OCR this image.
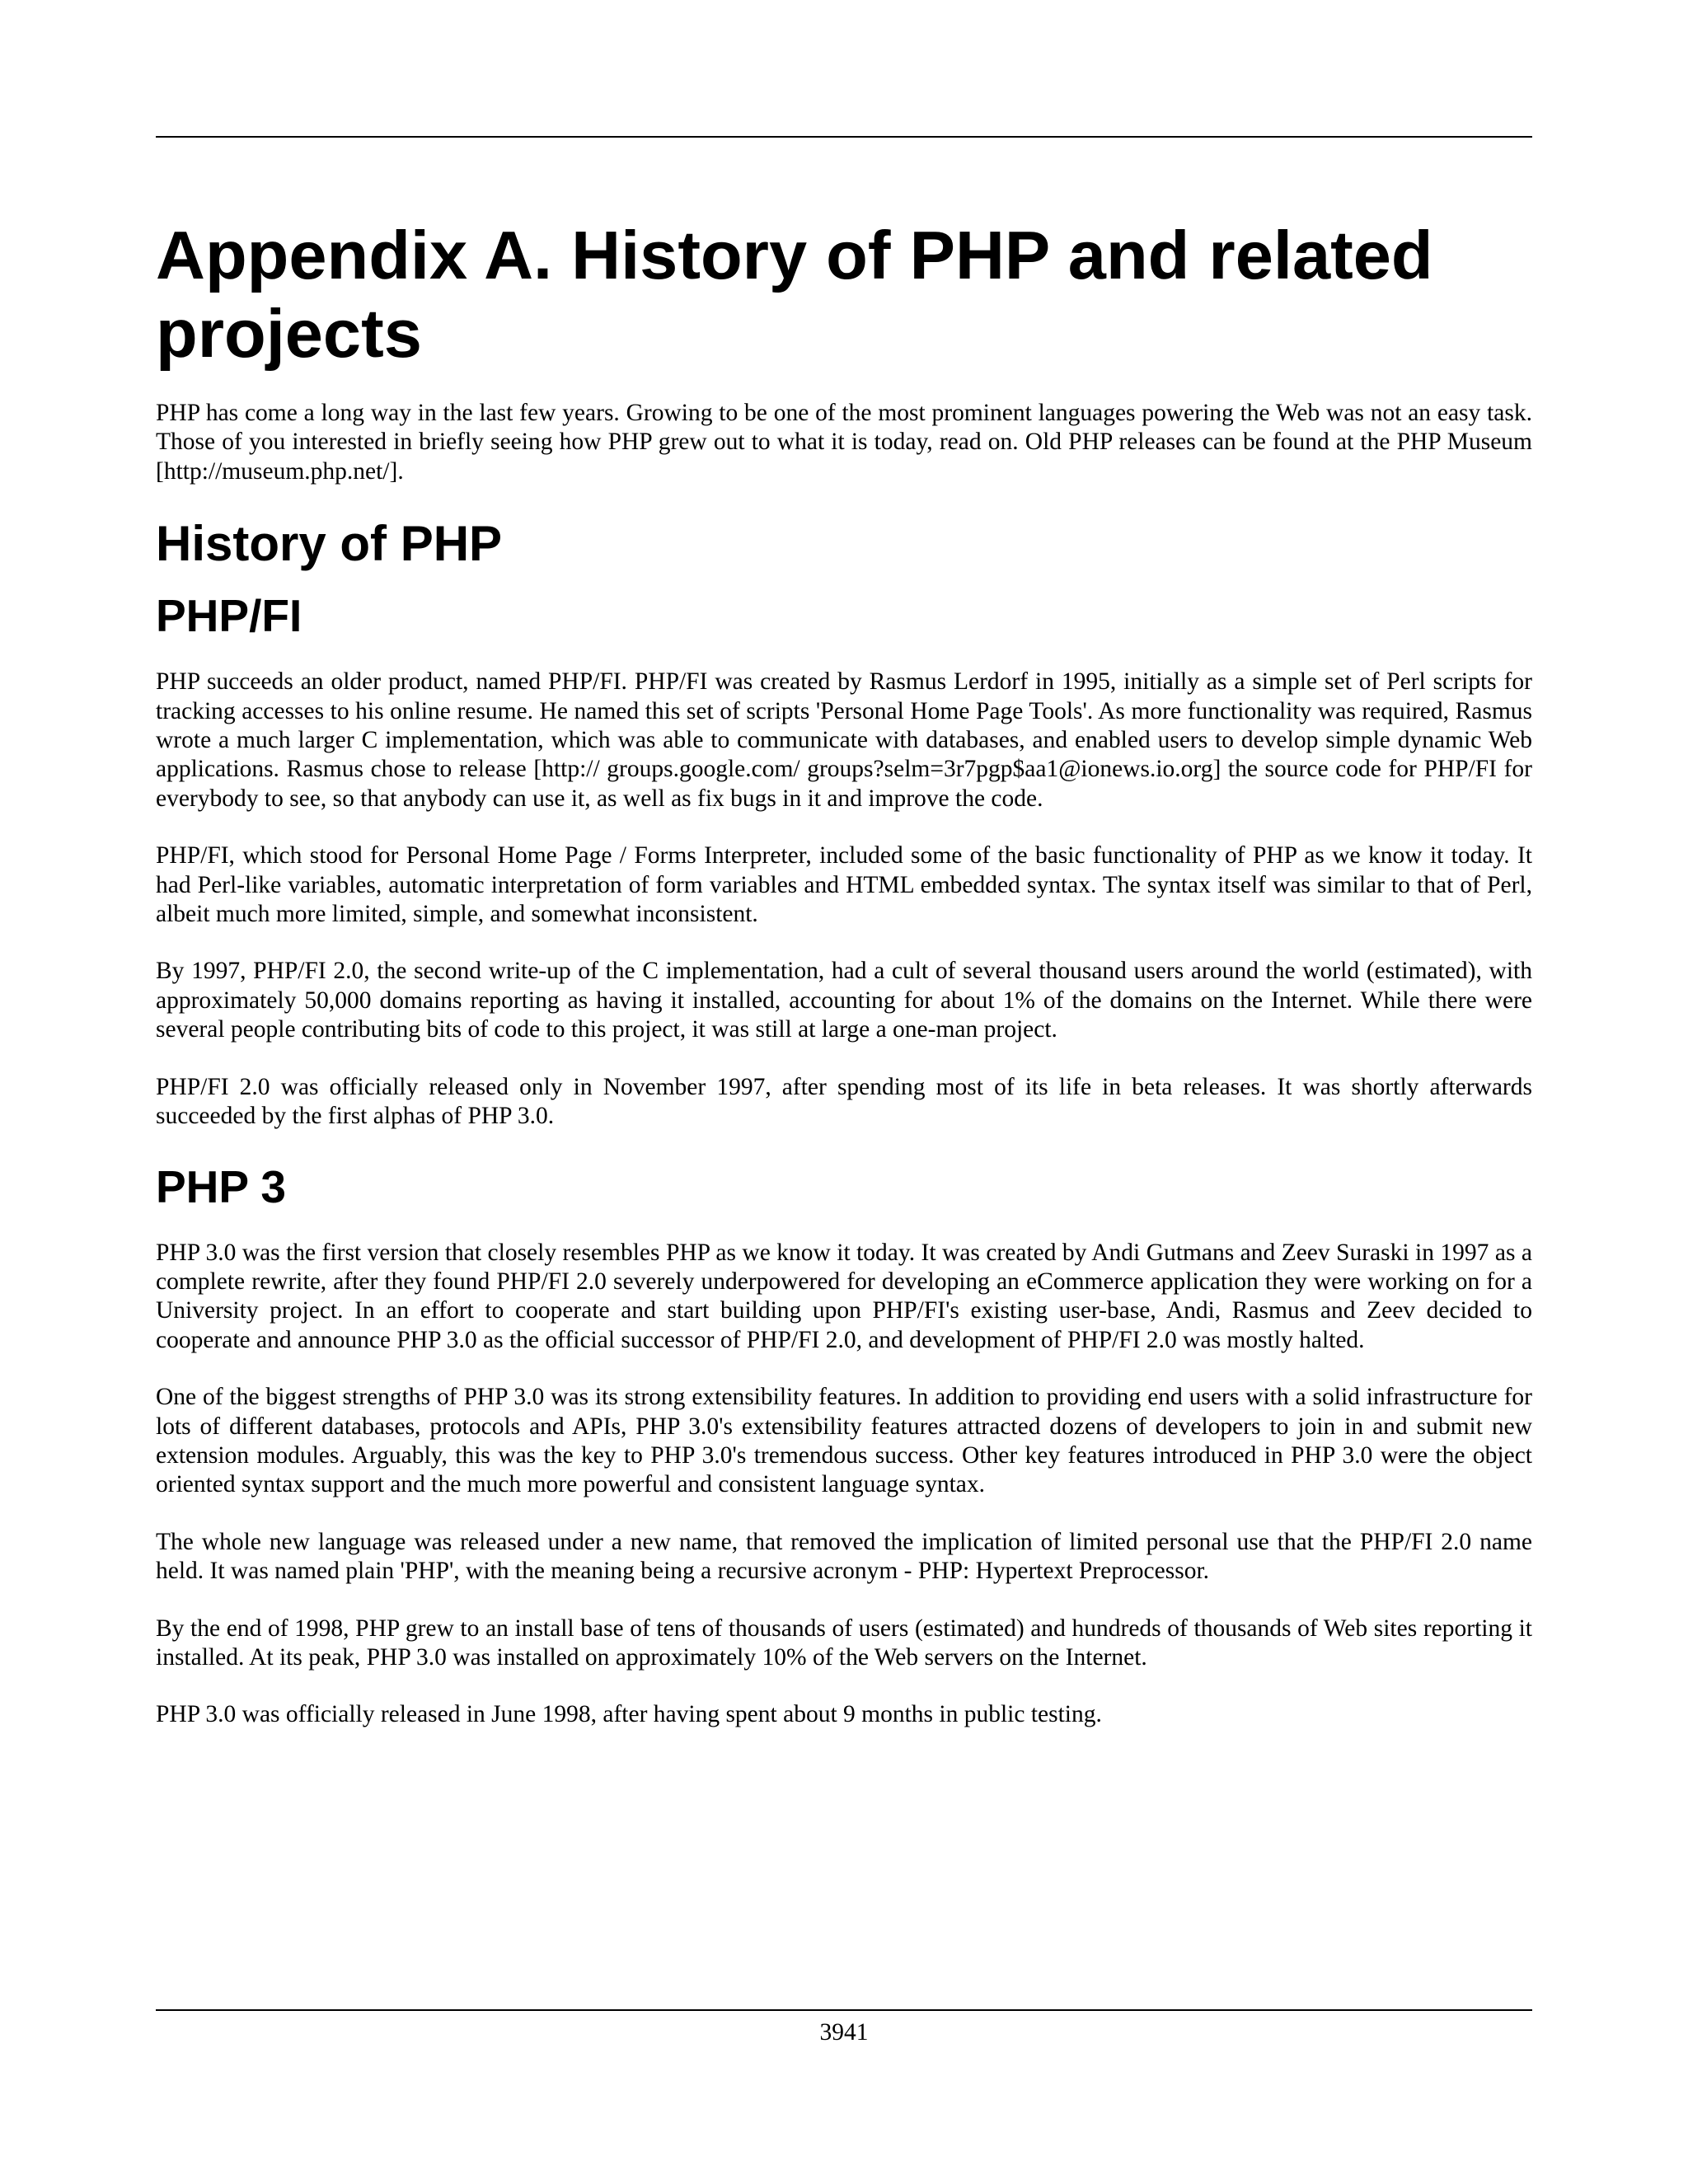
Appendix A. History of PHP and related projects

PHP has come a long way in the last few years. Growing to be one of the most prominent languages powering the Web was not an easy task. Those of you interested in briefly seeing how PHP grew out to what it is today, read on. Old PHP releases can be found at the PHP Museum [http://museum.php.net/].

History of PHP
PHP/FI

PHP succeeds an older product, named PHP/FI. PHP/FI was created by Rasmus Lerdorf in 1995, initially as a simple set of Perl scripts for tracking accesses to his online resume. He named this set of scripts 'Personal Home Page Tools'. As more functionality was required, Rasmus wrote a much larger C implementation, which was able to communicate with databases, and enabled users to develop simple dynamic Web applications. Rasmus chose to release [http:// groups.google.com/ groups?selm=3r7pgp$aa1@ionews.io.org] the source code for PHP/FI for everybody to see, so that anybody can use it, as well as fix bugs in it and improve the code.

PHP/FI, which stood for Personal Home Page / Forms Interpreter, included some of the basic functionality of PHP as we know it today. It had Perl-like variables, automatic interpretation of form variables and HTML embedded syntax. The syntax itself was similar to that of Perl, albeit much more limited, simple, and somewhat inconsistent.

By 1997, PHP/FI 2.0, the second write-up of the C implementation, had a cult of several thousand users around the world (estimated), with approximately 50,000 domains reporting as having it installed, accounting for about 1% of the domains on the Internet. While there were several people contributing bits of code to this project, it was still at large a one-man project.

PHP/FI 2.0 was officially released only in November 1997, after spending most of its life in beta releases. It was shortly afterwards succeeded by the first alphas of PHP 3.0.

PHP 3

PHP 3.0 was the first version that closely resembles PHP as we know it today. It was created by Andi Gutmans and Zeev Suraski in 1997 as a complete rewrite, after they found PHP/FI 2.0 severely underpowered for developing an eCommerce application they were working on for a University project. In an effort to cooperate and start building upon PHP/FI's existing user-base, Andi, Rasmus and Zeev decided to cooperate and announce PHP 3.0 as the official successor of PHP/FI 2.0, and development of PHP/FI 2.0 was mostly halted.

One of the biggest strengths of PHP 3.0 was its strong extensibility features. In addition to providing end users with a solid infrastructure for lots of different databases, protocols and APIs, PHP 3.0's extensibility features attracted dozens of developers to join in and submit new extension modules. Arguably, this was the key to PHP 3.0's tremendous success. Other key features introduced in PHP 3.0 were the object oriented syntax support and the much more powerful and consistent language syntax.

The whole new language was released under a new name, that removed the implication of limited personal use that the PHP/FI 2.0 name held. It was named plain 'PHP', with the meaning being a recursive acronym - PHP: Hypertext Preprocessor.

By the end of 1998, PHP grew to an install base of tens of thousands of users (estimated) and hundreds of thousands of Web sites reporting it installed. At its peak, PHP 3.0 was installed on approximately 10% of the Web servers on the Internet.

PHP 3.0 was officially released in June 1998, after having spent about 9 months in public testing.

3941
